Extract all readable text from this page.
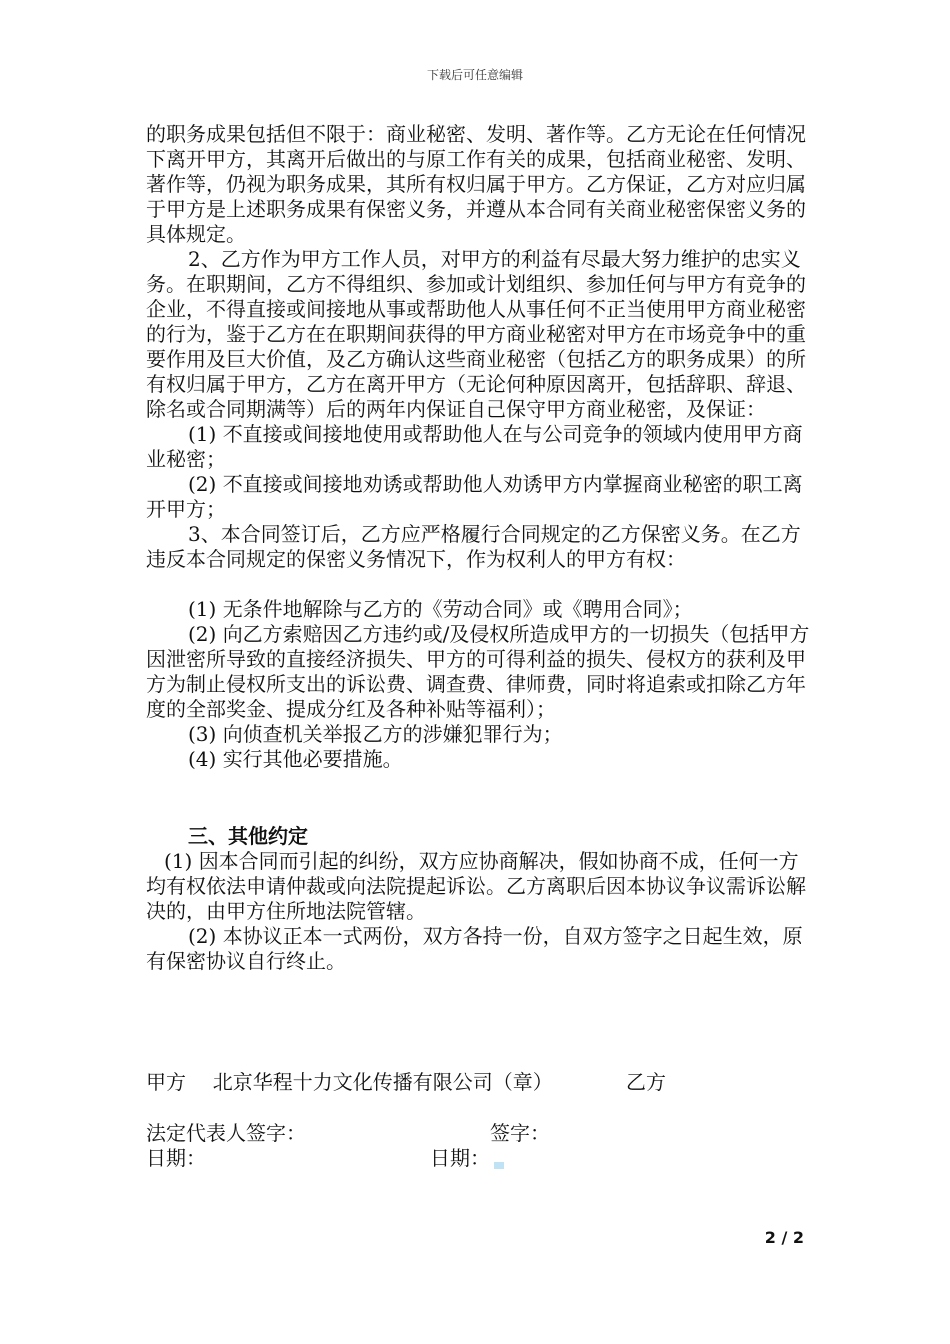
下载后可任意编辑

的职务成果包括但不限于：商业秘密、发明、著作等。乙方无论在任何情况下离开甲方，其离开后做出的与原工作有关的成果，包括商业秘密、发明、著作等，仍视为职务成果，其所有权归属于甲方。乙方保证，乙方对应归属于甲方是上述职务成果有保密义务，并遵从本合同有关商业秘密保密义务的具体规定。

2、乙方作为甲方工作人员，对甲方的利益有尽最大努力维护的忠实义务。在职期间，乙方不得组织、参加或计划组织、参加任何与甲方有竞争的企业，不得直接或间接地从事或帮助他人从事任何不正当使用甲方商业秘密的行为，鉴于乙方在在职期间获得的甲方商业秘密对甲方在市场竞争中的重要作用及巨大价值，及乙方确认这些商业秘密（包括乙方的职务成果）的所有权归属于甲方，乙方在离开甲方（无论何种原因离开，包括辞职、辞退、除名或合同期满等）后的两年内保证自己保守甲方商业秘密，及保证：

(1) 不直接或间接地使用或帮助他人在与公司竞争的领域内使用甲方商业秘密；

(2) 不直接或间接地劝诱或帮助他人劝诱甲方内掌握商业秘密的职工离开甲方；

3、本合同签订后，乙方应严格履行合同规定的乙方保密义务。在乙方违反本合同规定的保密义务情况下，作为权利人的甲方有权：

(1) 无条件地解除与乙方的《劳动合同》或《聘用合同》；

(2) 向乙方索赔因乙方违约或/及侵权所造成甲方的一切损失（包括甲方因泄密所导致的直接经济损失、甲方的可得利益的损失、侵权方的获利及甲方为制止侵权所支出的诉讼费、调查费、律师费，同时将追索或扣除乙方年度的全部奖金、提成分红及各种补贴等福利）；

(3) 向侦查机关举报乙方的涉嫌犯罪行为；

(4) 实行其他必要措施。

三、其他约定

(1) 因本合同而引起的纠纷，双方应协商解决，假如协商不成，任何一方均有权依法申请仲裁或向法院提起诉讼。乙方离职后因本协议争议需诉讼解决的，由甲方住所地法院管辖。

(2) 本协议正本一式两份，双方各持一份，自双方签字之日起生效，原有保密协议自行终止。

甲方 北京华程十力文化传播有限公司（章）	乙方
法定代表人签字：	签字：
日期：	日期：
2 / 2
